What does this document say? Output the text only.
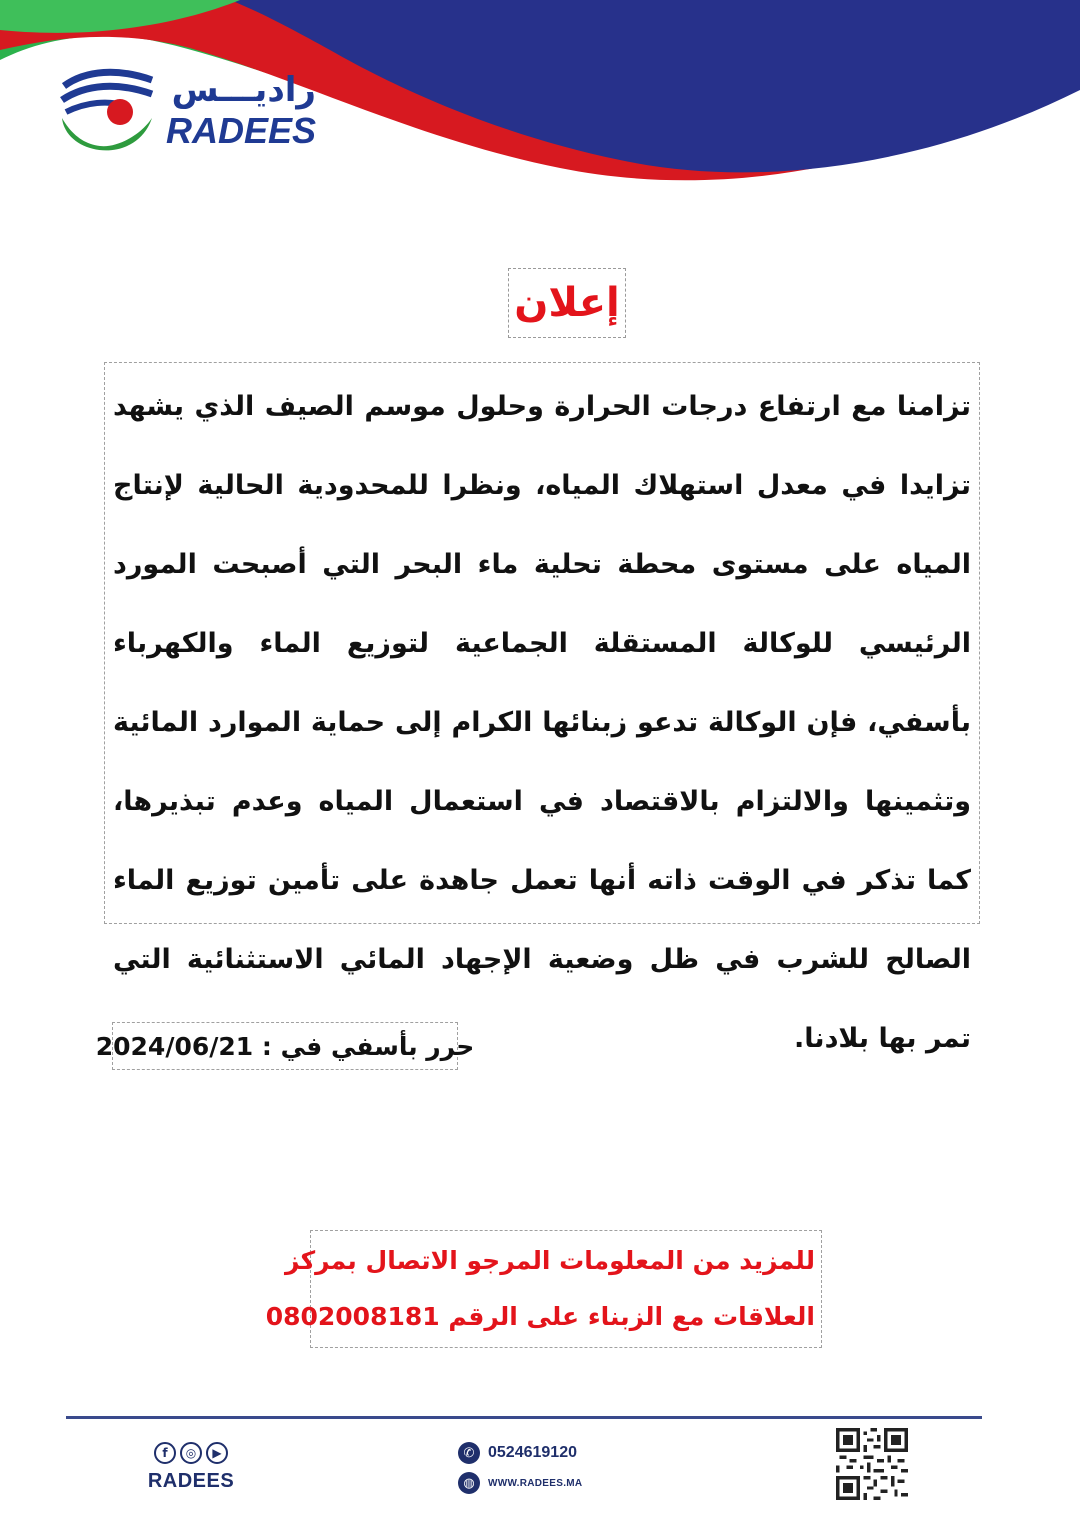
راديـــس
RADEES
إعلان

تزامنا مع ارتفاع درجات الحرارة وحلول موسم الصيف الذي يشهد تزايدا في معدل استهلاك المياه، ونظرا للمحدودية الحالية لإنتاج المياه على مستوى محطة تحلية ماء البحر التي أصبحت المورد الرئيسي للوكالة المستقلة الجماعية لتوزيع الماء والكهرباء بأسفي، فإن الوكالة تدعو زبنائها الكرام إلى حماية الموارد المائية وتثمينها والالتزام بالاقتصاد في استعمال المياه وعدم تبذيرها، كما تذكر في الوقت ذاته أنها تعمل جاهدة على تأمين توزيع الماء الصالح للشرب في ظل وضعية الإجهاد المائي الاستثنائية التي تمر بها بلادنا.

2024/06/21 حرر بأسفي في :
للمزيد من المعلومات المرجو الاتصال بمركز
العلاقات مع الزبناء على الرقم 0802008181
f	◎	▶
RADEES
✆ 0524619120
◍	WWW.RADEES.MA
